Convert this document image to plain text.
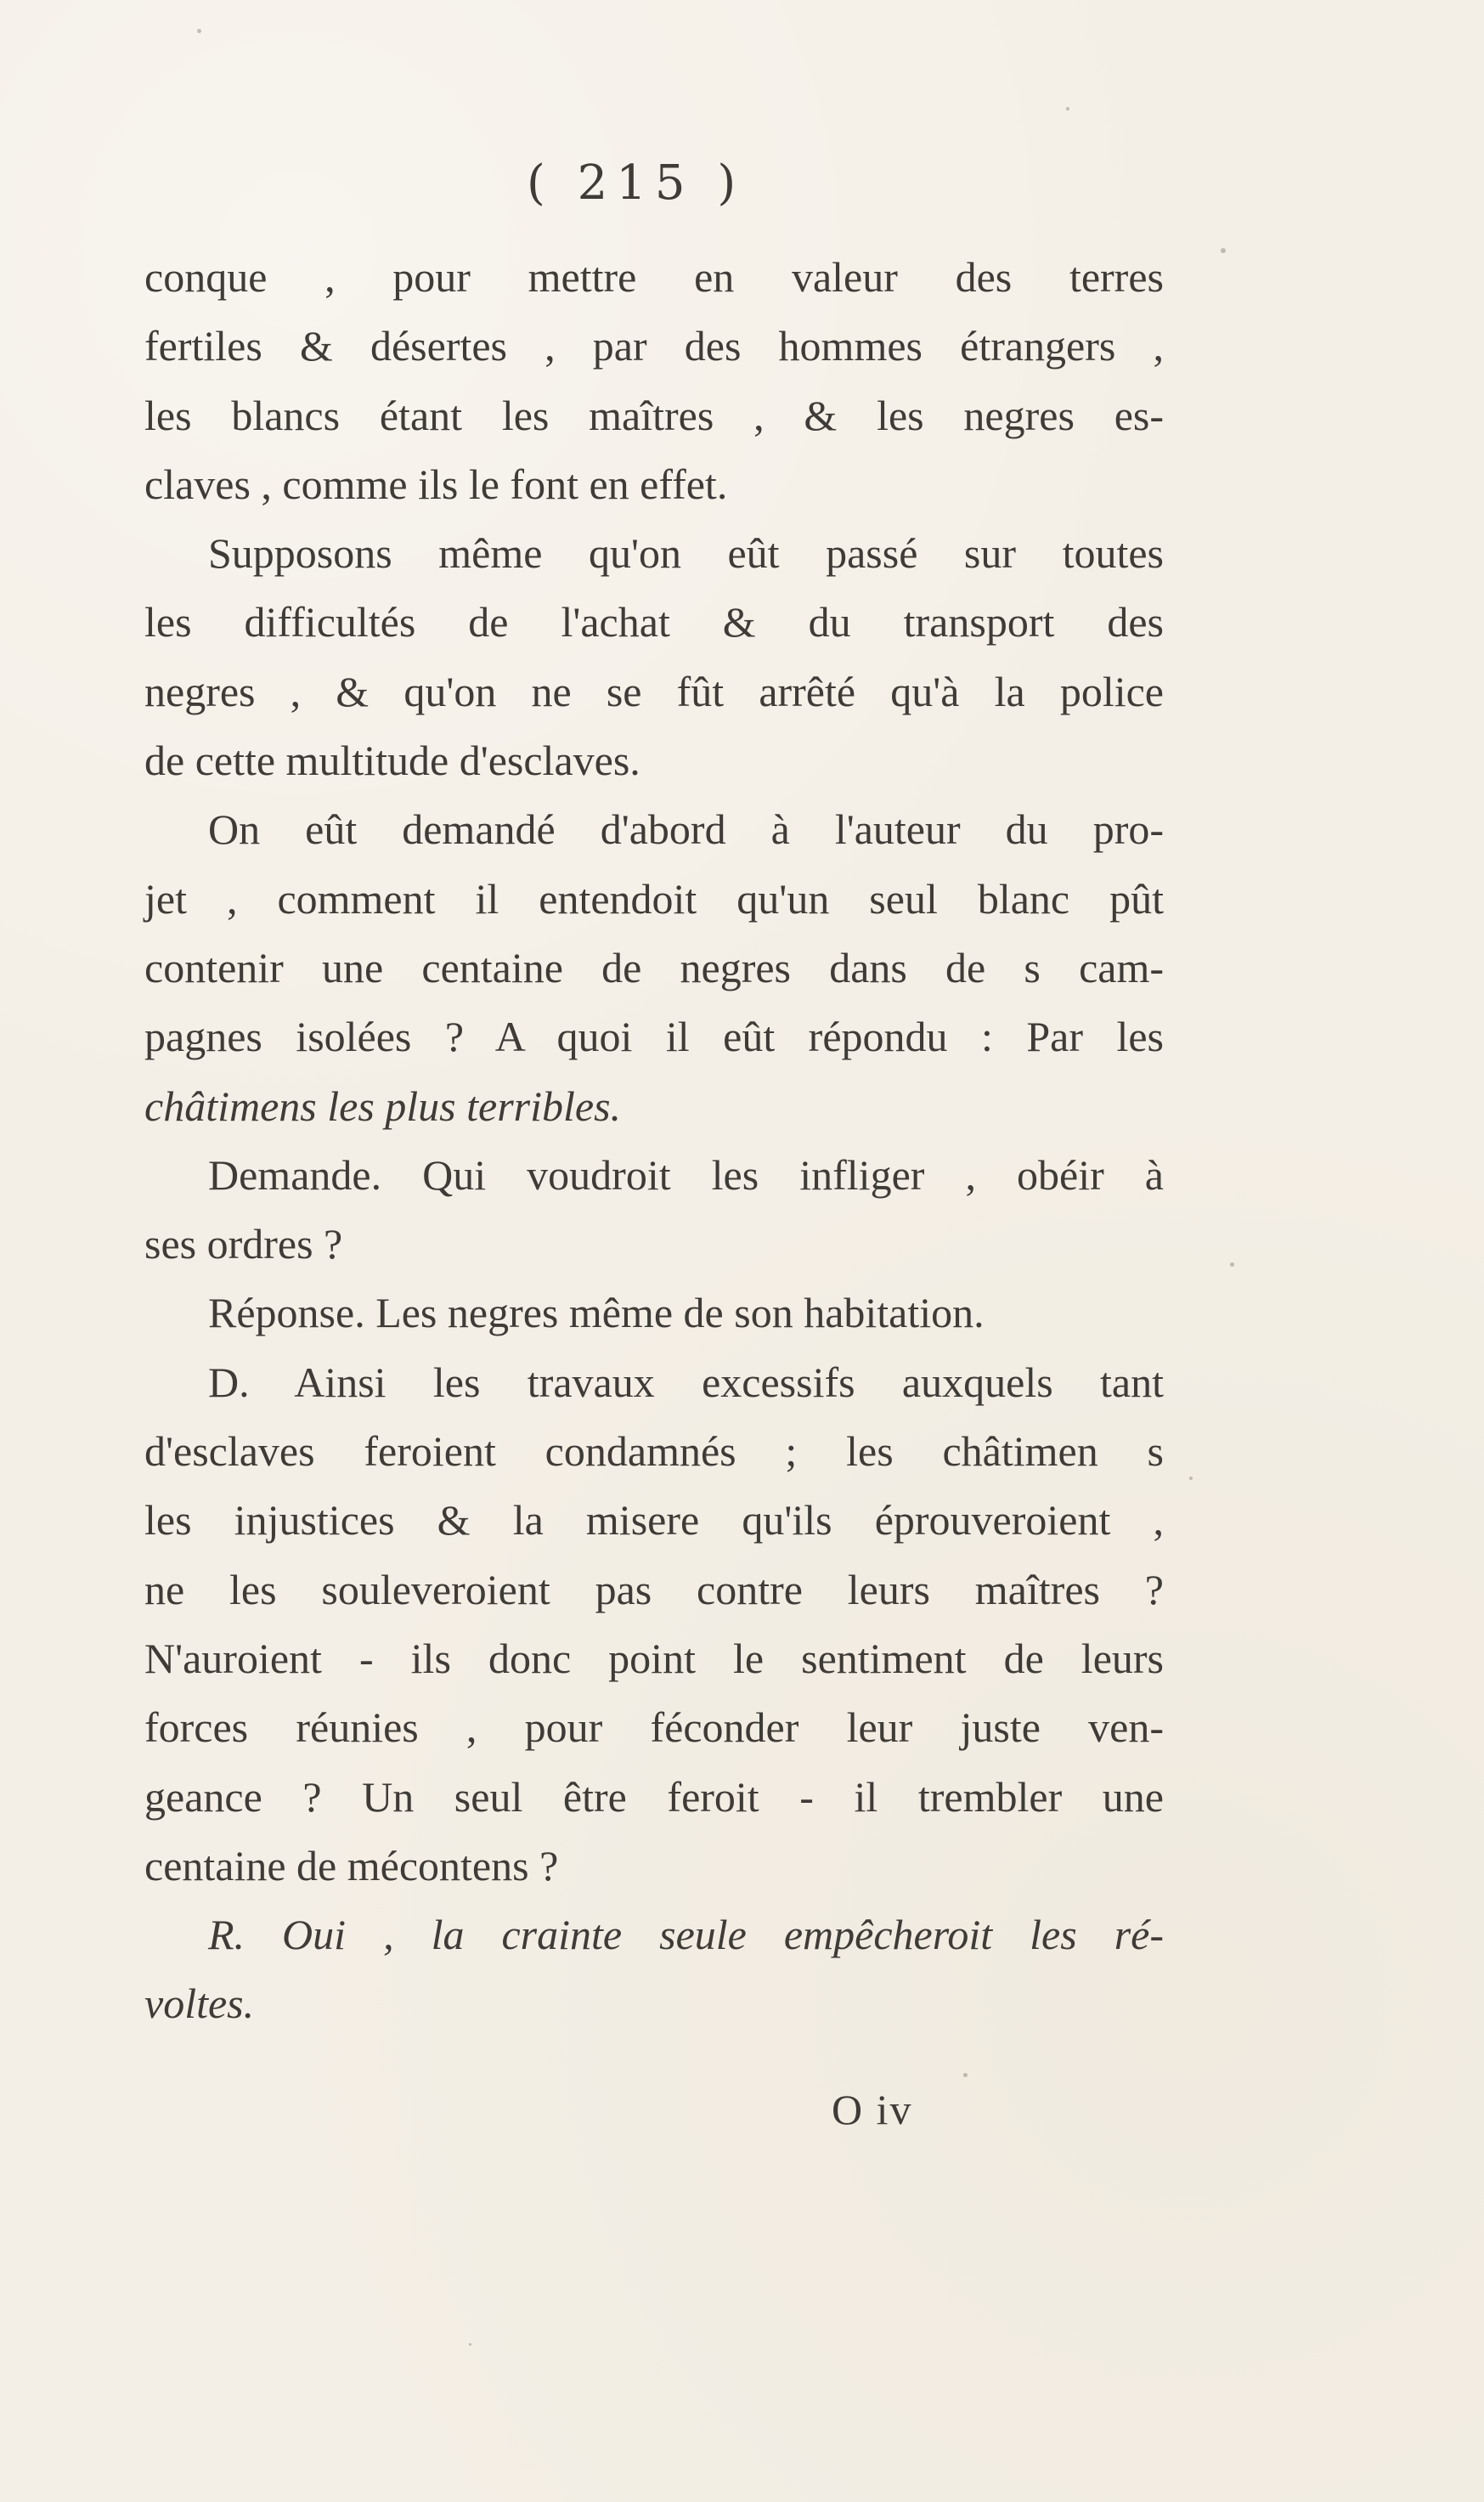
( 215 )
conque , pour mettre en valeur des terres
fertiles & désertes , par des hommes étrangers ,
les blancs étant les maîtres , & les negres es-
claves , comme ils le font en effet.
Supposons même qu'on eût passé sur toutes
les difficultés de l'achat & du transport des
negres , & qu'on ne se fût arrêté qu'à la police
de cette multitude d'esclaves.
On eût demandé d'abord à l'auteur du pro-
jet , comment il entendoit qu'un seul blanc pût
contenir une centaine de negres dans de s cam-
pagnes isolées ? A quoi il eût répondu : Par les
châtimens les plus terribles.
Demande. Qui voudroit les infliger , obéir à
ses ordres ?
Réponse. Les negres même de son habitation.
D. Ainsi les travaux excessifs auxquels tant
d'esclaves feroient condamnés ; les châtimen s
les injustices & la misere qu'ils éprouveroient ,
ne les souleveroient pas contre leurs maîtres ?
N'auroient - ils donc point le sentiment de leurs
forces réunies , pour féconder leur juste ven-
geance ? Un seul être feroit - il trembler une
centaine de mécontens ?
R. Oui , la crainte seule empêcheroit les ré-
voltes.
O iv
